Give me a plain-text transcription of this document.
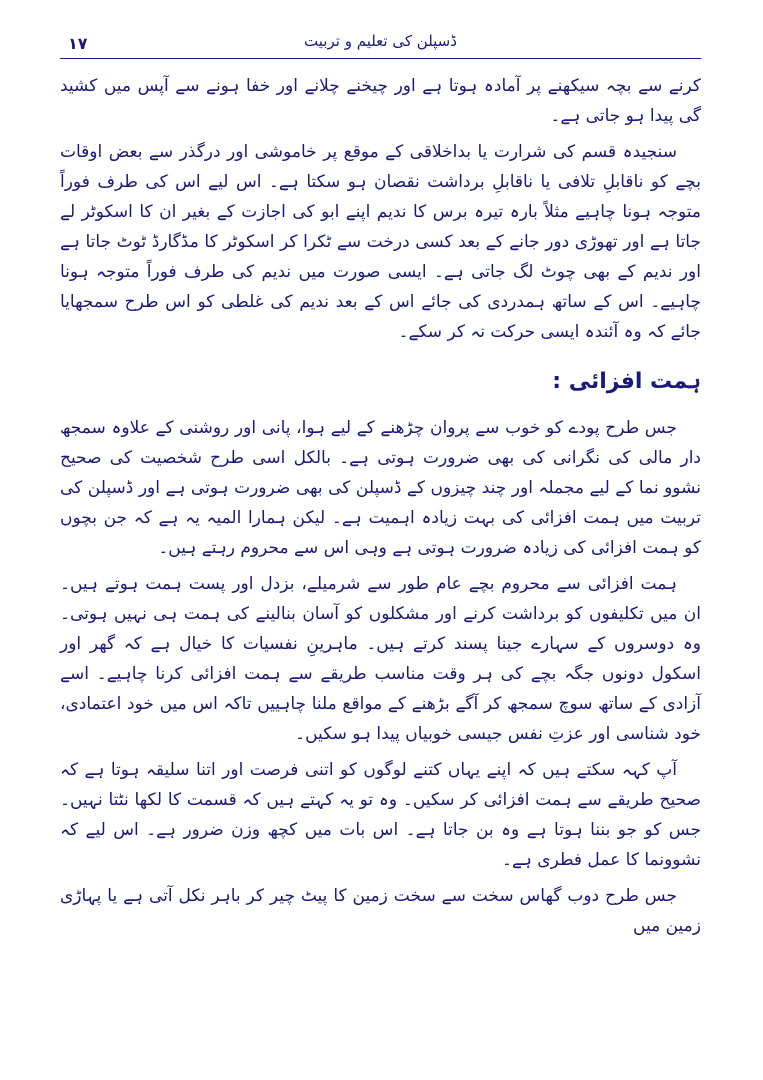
١٧	ڈسپلن کی تعلیم و تربیت

کرنے سے بچہ سیکھنے پر آمادہ ہوتا ہے اور چیخنے چلانے اور خفا ہونے سے آپس میں کشید گی پیدا ہو جاتی ہے۔

سنجیدہ قسم کی شرارت یا بداخلاقی کے موقع پر خاموشی اور درگذر سے بعض اوقات بچے کو ناقابلِ تلافی یا ناقابلِ برداشت نقصان ہو سکتا ہے۔ اس لیے اس کی طرف فوراً متوجہ ہونا چاہیے مثلاً بارہ تیرہ برس کا ندیم اپنے ابو کی اجازت کے بغیر ان کا اسکوٹر لے جاتا ہے اور تھوڑی دور جانے کے بعد کسی درخت سے ٹکرا کر اسکوٹر کا مڈگارڈ ٹوٹ جاتا ہے اور ندیم کے بھی چوٹ لگ جاتی ہے۔ ایسی صورت میں ندیم کی طرف فوراً متوجہ ہونا چاہیے۔ اس کے ساتھ ہمدردی کی جائے اس کے بعد ندیم کی غلطی کو اس طرح سمجھایا جائے کہ وہ آئندہ ایسی حرکت نہ کر سکے۔

ہمت افزائی :

جس طرح پودے کو خوب سے پروان چڑھنے کے لیے ہوا، پانی اور روشنی کے علاوہ سمجھ دار مالی کی نگرانی کی بھی ضرورت ہوتی ہے۔ بالکل اسی طرح شخصیت کی صحیح نشوو نما کے لیے مجملہ اور چند چیزوں کے ڈسپلن کی بھی ضرورت ہوتی ہے اور ڈسپلن کی تربیت میں ہمت افزائی کی بہت زیادہ اہمیت ہے۔ لیکن ہمارا المیہ یہ ہے کہ جن بچوں کو ہمت افزائی کی زیادہ ضرورت ہوتی ہے وہی اس سے محروم رہتے ہیں۔

ہمت افزائی سے محروم بچے عام طور سے شرمیلے، بزدل اور پست ہمت ہوتے ہیں۔ ان میں تکلیفوں کو برداشت کرنے اور مشکلوں کو آسان بنالینے کی ہمت ہی نہیں ہوتی۔ وہ دوسروں کے سہارے جینا پسند کرتے ہیں۔ ماہرینِ نفسیات کا خیال ہے کہ گھر اور اسکول دونوں جگہ بچے کی ہر وقت مناسب طریقے سے ہمت افزائی کرنا چاہیے۔ اسے آزادی کے ساتھ سوچ سمجھ کر آگے بڑھنے کے مواقع ملنا چاہییں تاکہ اس میں خود اعتمادی، خود شناسی اور عزتِ نفس جیسی خوبیاں پیدا ہو سکیں۔

آپ کہہ سکتے ہیں کہ اپنے یہاں کتنے لوگوں کو اتنی فرصت اور اتنا سلیقہ ہوتا ہے کہ صحیح طریقے سے ہمت افزائی کر سکیں۔ وہ تو یہ کہتے ہیں کہ قسمت کا لکھا نٹتا نہیں۔ جس کو جو بننا ہوتا ہے وہ بن جاتا ہے۔ اس بات میں کچھ وزن ضرور ہے۔ اس لیے کہ نشوونما کا عمل فطری ہے۔

جس طرح دوب گھاس سخت سے سخت زمین کا پیٹ چیر کر باہر نکل آتی ہے یا پہاڑی زمین میں
